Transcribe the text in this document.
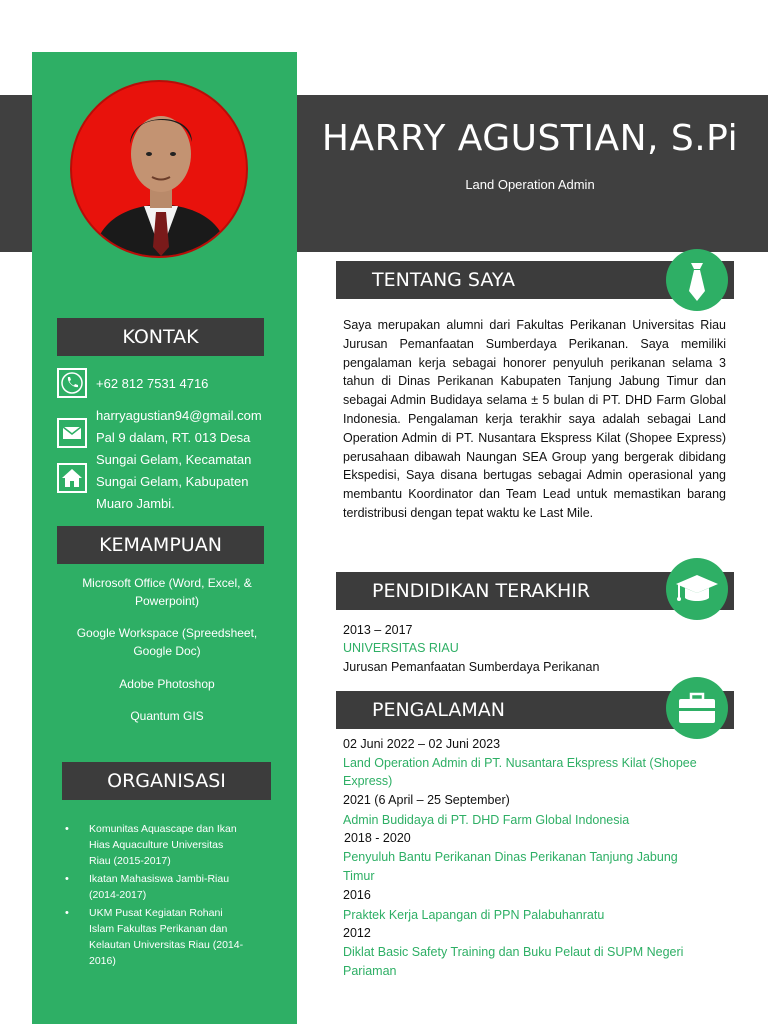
HARRY AGUSTIAN, S.Pi
Land Operation Admin
KONTAK
+62 812 7531 4716
harryagustian94@gmail.com
Pal 9 dalam, RT. 013 Desa
Sungai Gelam, Kecamatan
Sungai Gelam, Kabupaten
Muaro Jambi.
KEMAMPUAN
Microsoft Office (Word, Excel, &
Powerpoint)
Google Workspace (Spreedsheet,
Google Doc)
Adobe Photoshop
Quantum GIS
ORGANISASI
• Komunitas Aquascape dan Ikan
Hias Aquaculture Universitas
Riau (2015-2017)
• Ikatan Mahasiswa Jambi-Riau
(2014-2017)
• UKM Pusat Kegiatan Rohani
Islam Fakultas Perikanan dan
Kelautan Universitas Riau (2014-
2016)
TENTANG SAYA
Saya merupakan alumni dari Fakultas Perikanan Universitas Riau Jurusan Pemanfaatan Sumberdaya Perikanan. Saya memiliki pengalaman kerja sebagai honorer penyuluh perikanan selama 3 tahun di Dinas Perikanan Kabupaten Tanjung Jabung Timur dan sebagai Admin Budidaya selama ± 5 bulan di PT. DHD Farm Global Indonesia. Pengalaman kerja terakhir saya adalah sebagai Land Operation Admin di PT. Nusantara Ekspress Kilat (Shopee Express) perusahaan dibawah Naungan SEA Group yang bergerak dibidang Ekspedisi, Saya disana bertugas sebagai Admin operasional yang membantu Koordinator dan Team Lead untuk memastikan barang terdistribusi dengan tepat waktu ke Last Mile.
PENDIDIKAN TERAKHIR
2013 – 2017
UNIVERSITAS RIAU
Jurusan Pemanfaatan Sumberdaya Perikanan
PENGALAMAN
02 Juni 2022 – 02 Juni 2023
Land Operation Admin di PT. Nusantara Ekspress Kilat (Shopee
Express)
2021 (6 April – 25 September)
Admin Budidaya di PT. DHD Farm Global Indonesia
2018 - 2020
Penyuluh Bantu Perikanan Dinas Perikanan Tanjung Jabung
Timur
2016
Praktek Kerja Lapangan di PPN Palabuhanratu
2012
Diklat Basic Safety Training dan Buku Pelaut di SUPM Negeri
Pariaman
